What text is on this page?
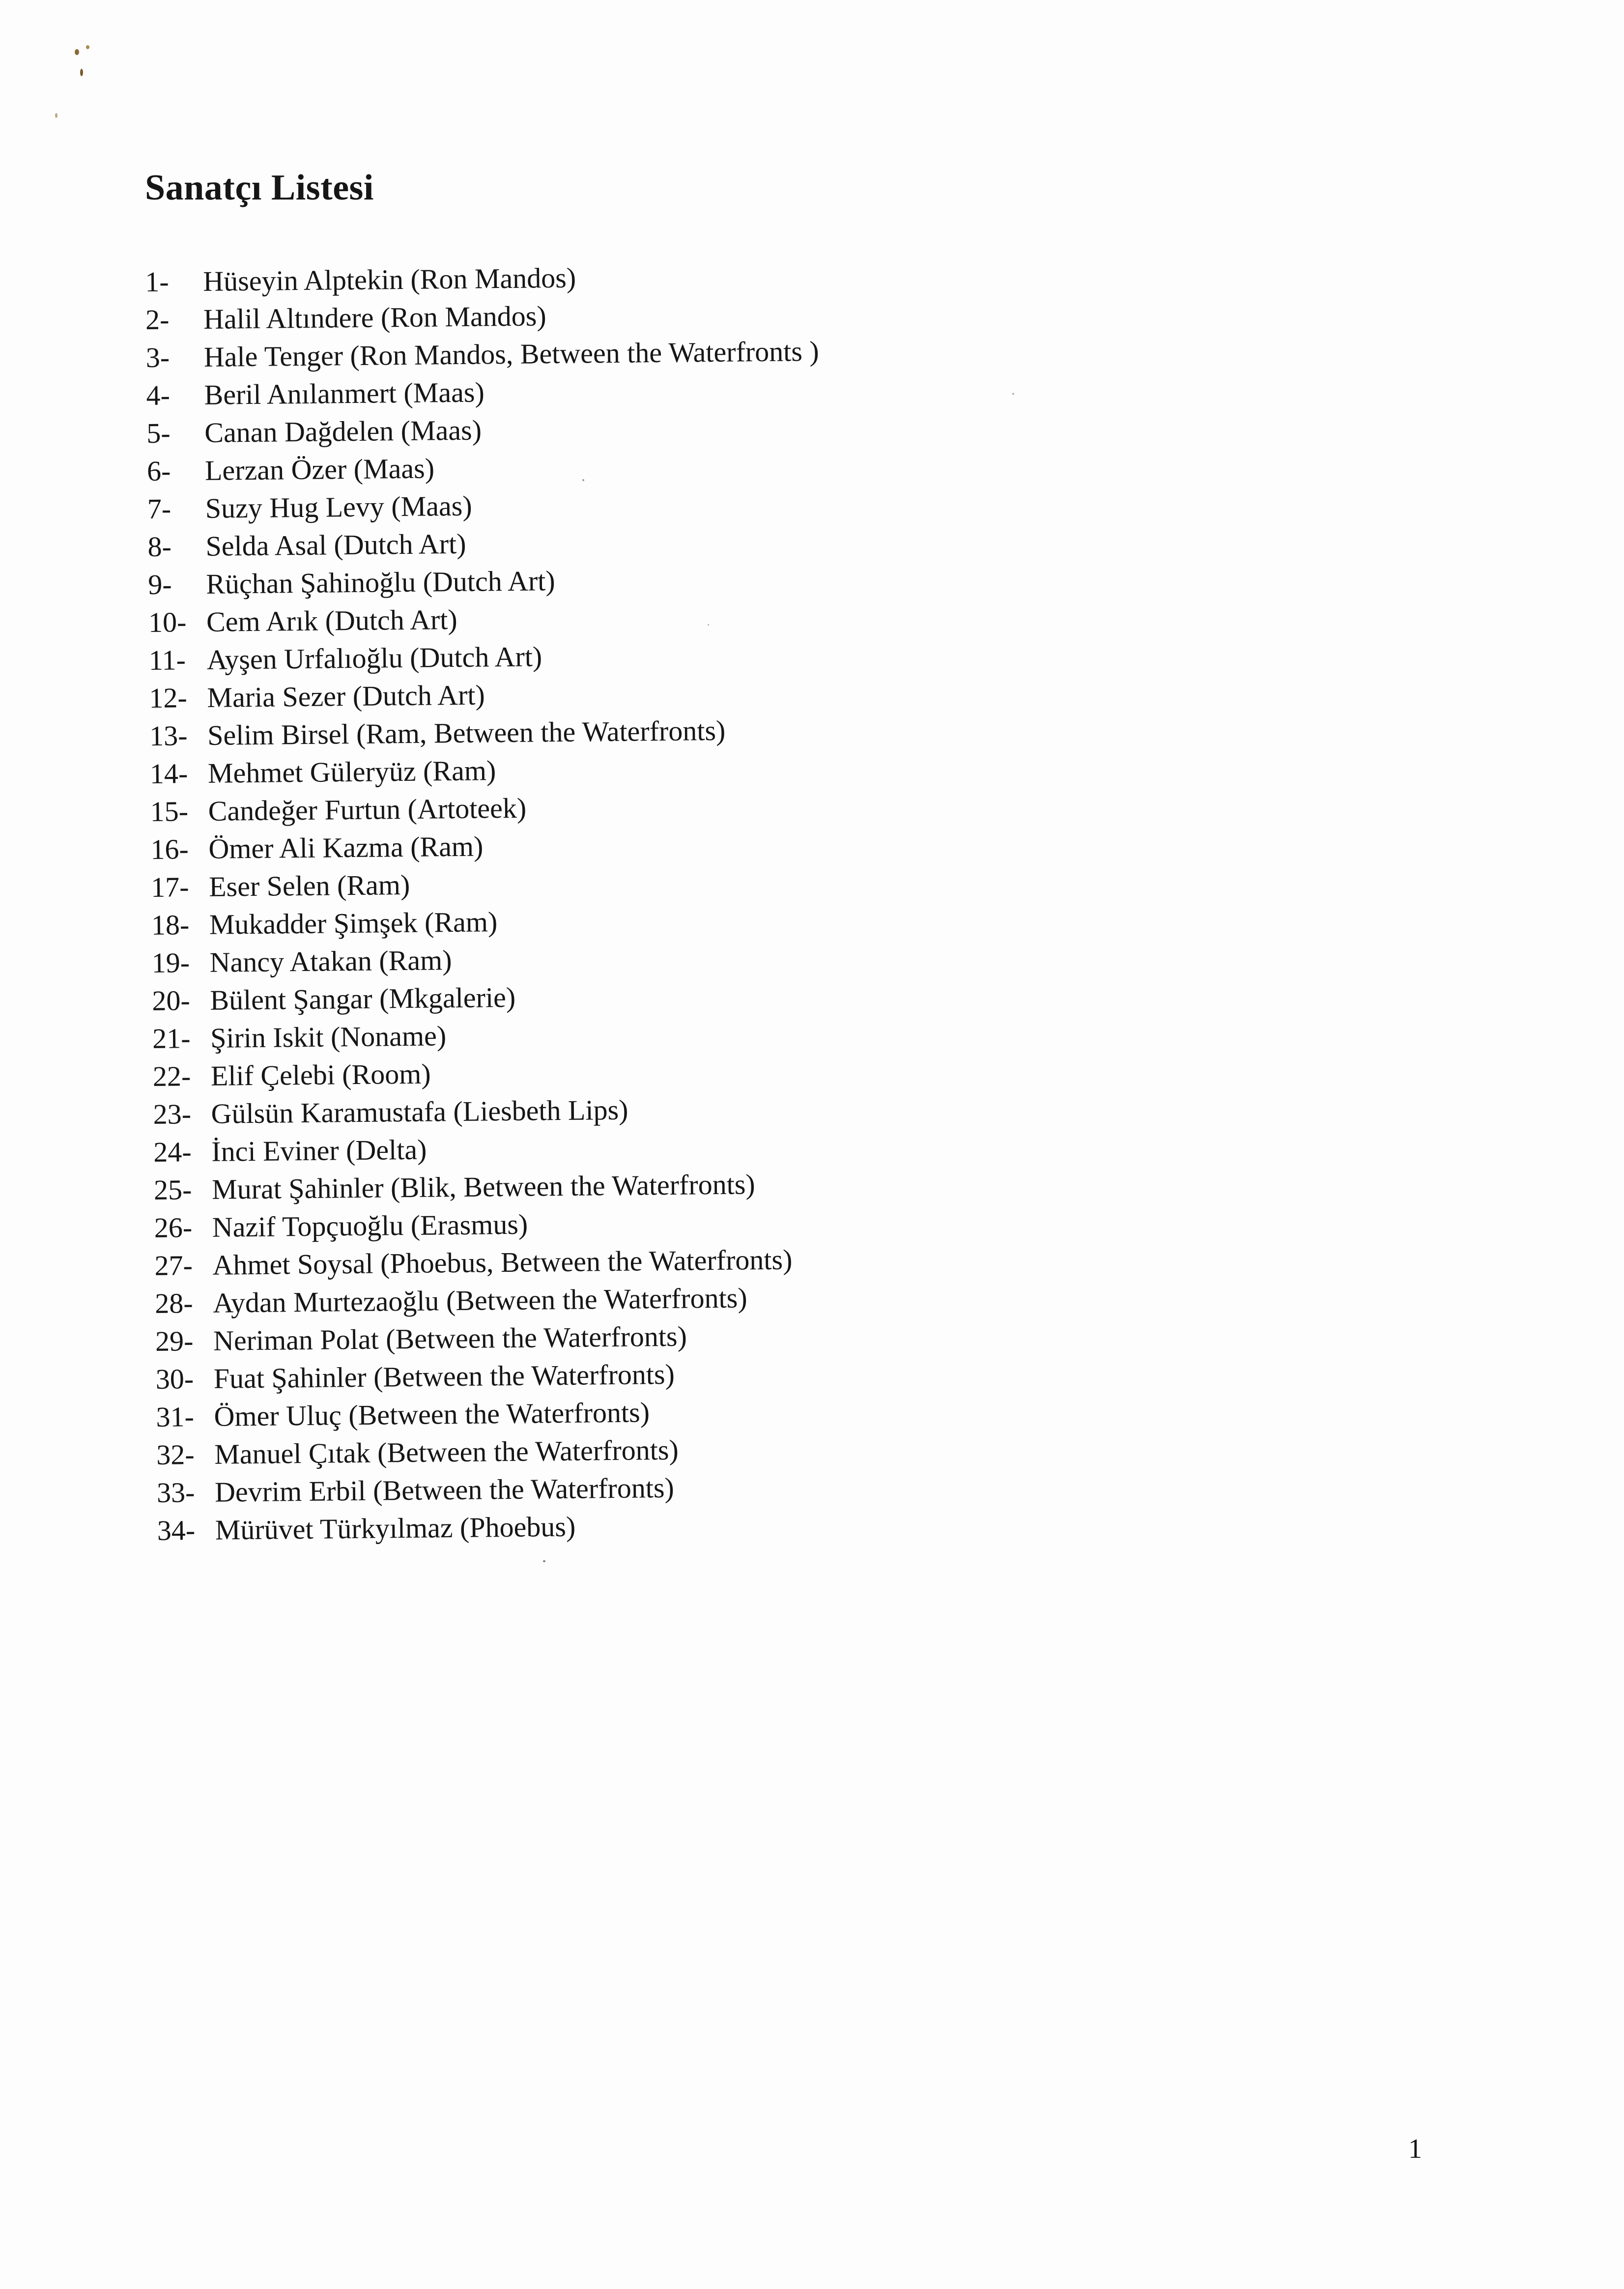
Sanatçı Listesi
1-	Hüseyin Alptekin (Ron Mandos)
2-	Halil Altındere (Ron Mandos)
3-	Hale Tenger (Ron Mandos, Between the Waterfronts )
4-	Beril Anılanmert (Maas)
5-	Canan Dağdelen (Maas)
6-	Lerzan Özer (Maas)
7-	Suzy Hug Levy (Maas)
8-	Selda Asal (Dutch Art)
9-	Rüçhan Şahinoğlu (Dutch Art)
10- Cem Arık (Dutch Art)
11- Ayşen Urfalıoğlu (Dutch Art)
12- Maria Sezer (Dutch Art)
13- Selim Birsel (Ram, Between the Waterfronts)
14- Mehmet Güleryüz (Ram)
15- Candeğer Furtun (Artoteek)
16- Ömer Ali Kazma (Ram)
17- Eser Selen (Ram)
18- Mukadder Şimşek (Ram)
19- Nancy Atakan (Ram)
20- Bülent Şangar (Mkgalerie)
21- Şirin Iskit (Noname)
22- Elif Çelebi (Room)
23- Gülsün Karamustafa (Liesbeth Lips)
24- İnci Eviner (Delta)
25- Murat Şahinler (Blik, Between the Waterfronts)
26- Nazif Topçuoğlu (Erasmus)
27- Ahmet Soysal (Phoebus, Between the Waterfronts)
28- Aydan Murtezaoğlu (Between the Waterfronts)
29- Neriman Polat (Between the Waterfronts)
30- Fuat Şahinler (Between the Waterfronts)
31- Ömer Uluç (Between the Waterfronts)
32- Manuel Çıtak (Between the Waterfronts)
33- Devrim Erbil (Between the Waterfronts)
34- Mürüvet Türkyılmaz (Phoebus)
1
